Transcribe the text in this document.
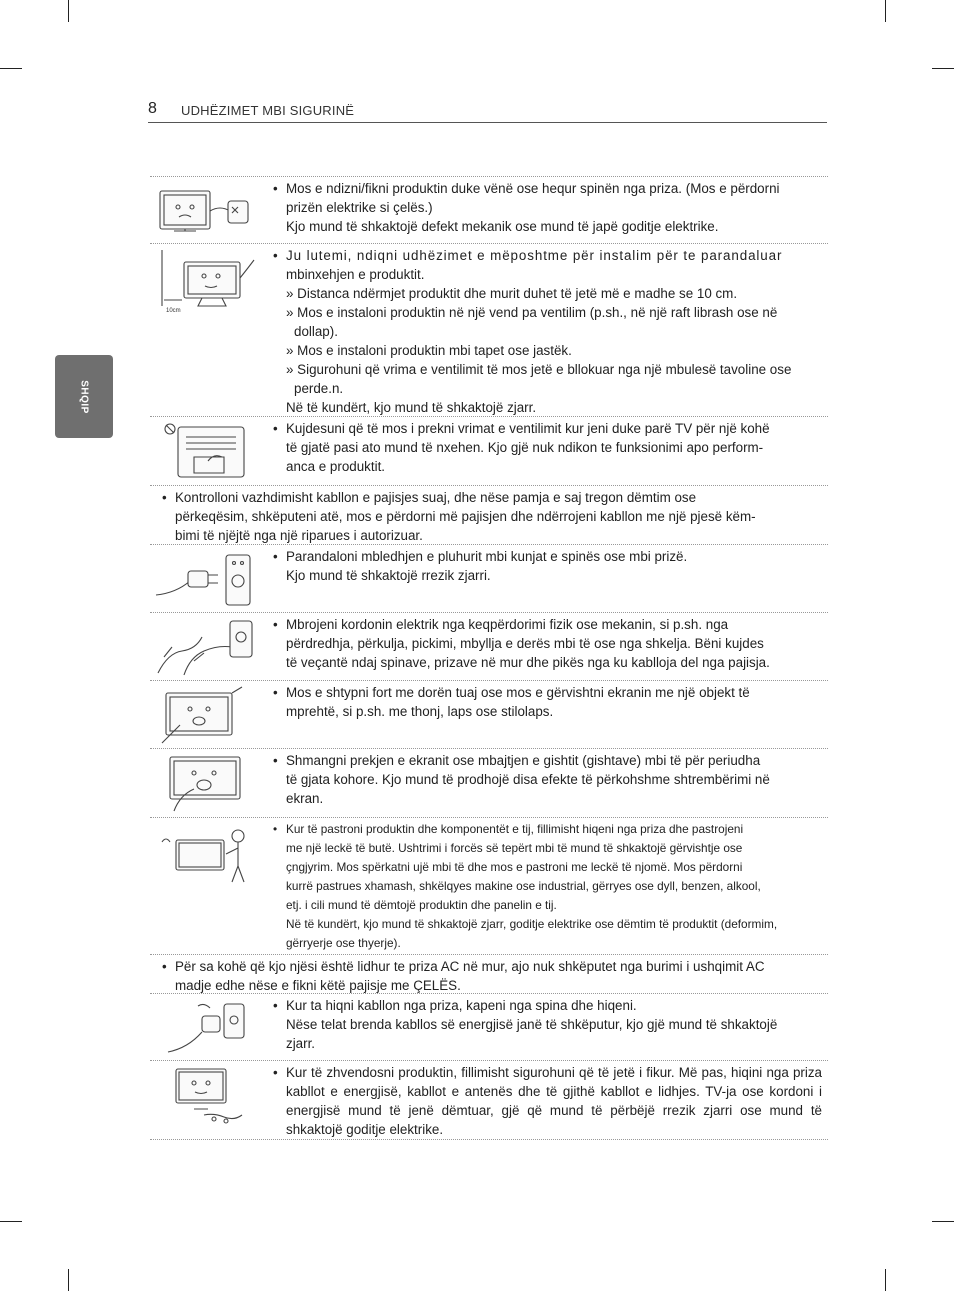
8 UDHËZIMET MBI SIGURINË
SHQIP
• Mos e ndizni/fikni produktin duke vënë ose hequr spinën nga priza. (Mos e përdorni
prizën elektrike si çelës.)
Kjo mund të shkaktojë defekt mekanik ose mund të japë goditje elektrike.
10cm
• Ju lutemi, ndiqni udhëzimet e mëposhtme për instalim për te parandaluar
mbinxehjen e produktit.
» Distanca ndërmjet produktit dhe murit duhet të jetë më e madhe se 10 cm.
» Mos e instaloni produktin në një vend pa ventilim (p.sh., në një raft librash ose në
dollap).
» Mos e instaloni produktin mbi tapet ose jastëk.
» Sigurohuni që vrima e ventilimit të mos jetë e bllokuar nga një mbulesë tavoline ose
perde.n.
Në të kundërt, kjo mund të shkaktojë zjarr.
• Kujdesuni që të mos i prekni vrimat e ventilimit kur jeni duke parë TV për një kohë
të gjatë pasi ato mund të nxehen. Kjo gjë nuk ndikon te funksionimi apo perform-
anca e produktit.
• Kontrolloni vazhdimisht kabllon e pajisjes suaj, dhe nëse pamja e saj tregon dëmtim ose
përkeqësim, shkëputeni atë, mos e përdorni më pajisjen dhe ndërrojeni kabllon me një pjesë këm-
bimi të njëjtë nga një riparues i autorizuar.
• Parandaloni mbledhjen e pluhurit mbi kunjat e spinës ose mbi prizë.
Kjo mund të shkaktojë rrezik zjarri.
• Mbrojeni kordonin elektrik nga keqpërdorimi fizik ose mekanin, si p.sh. nga
përdredhja, përkulja, pickimi, mbyllja e derës mbi të ose nga shkelja. Bëni kujdes
të veçantë ndaj spinave, prizave në mur dhe pikës nga ku kablloja del nga pajisja.
• Mos e shtypni fort me dorën tuaj ose mos e gërvishtni ekranin me një objekt të
mprehtë, si p.sh. me thonj, laps ose stilolaps.
• Shmangni prekjen e ekranit ose mbajtjen e gishtit (gishtave) mbi të për periudha
të gjata kohore. Kjo mund të prodhojë disa efekte të përkohshme shtrembërimi në
ekran.
• Kur të pastroni produktin dhe komponentët e tij, fillimisht hiqeni nga priza dhe pastrojeni
me një leckë të butë. Ushtrimi i forcës së tepërt mbi të mund të shkaktojë gërvishtje ose
çngjyrim. Mos spërkatni ujë mbi të dhe mos e pastroni me leckë të njomë. Mos përdorni
kurrë pastrues xhamash, shkëlqyes makine ose industrial, gërryes ose dyll, benzen, alkool,
etj. i cili mund të dëmtojë produktin dhe panelin e tij.
Në të kundërt, kjo mund të shkaktojë zjarr, goditje elektrike ose dëmtim të produktit (deformim,
gërryerje ose thyerje).
• Për sa kohë që kjo njësi është lidhur te priza AC në mur, ajo nuk shkëputet nga burimi i ushqimit AC
madje edhe nëse e fikni këtë pajisje me ÇELËS.
• Kur ta hiqni kabllon nga priza, kapeni nga spina dhe hiqeni.
Nëse telat brenda kabllos së energjisë janë të shkëputur, kjo gjë mund të shkaktojë
zjarr.
• Kur të zhvendosni produktin, fillimisht sigurohuni që të jetë i fikur. Më pas, hiqini nga priza kabllot e energjisë, kabllot e antenës dhe të gjithë kabllot e lidhjes. TV-ja ose kordoni i energjisë mund të jenë dëmtuar, gjë që mund të përbëjë rrezik zjarri ose mund të shkaktojë goditje elektrike.
